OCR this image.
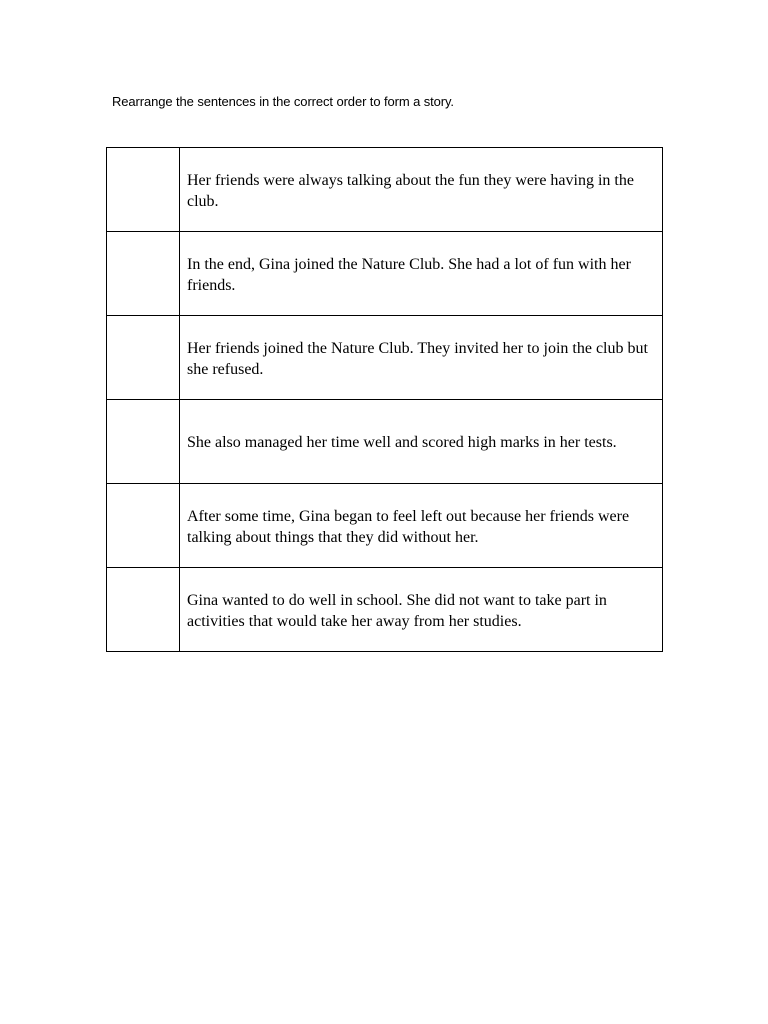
Rearrange the sentences in the correct order to form a story.

	Her friends were always talking about the fun they were having in the club.

	In the end, Gina joined the Nature Club. She had a lot of fun with her friends.

	Her friends joined the Nature Club. They invited her to join the club but she refused.

	She also managed her time well and scored high marks in her tests.

	After some time, Gina began to feel left out because her friends were talking about things that they did without her.

	Gina wanted to do well in school. She did not want to take part in activities that would take her away from her studies.
